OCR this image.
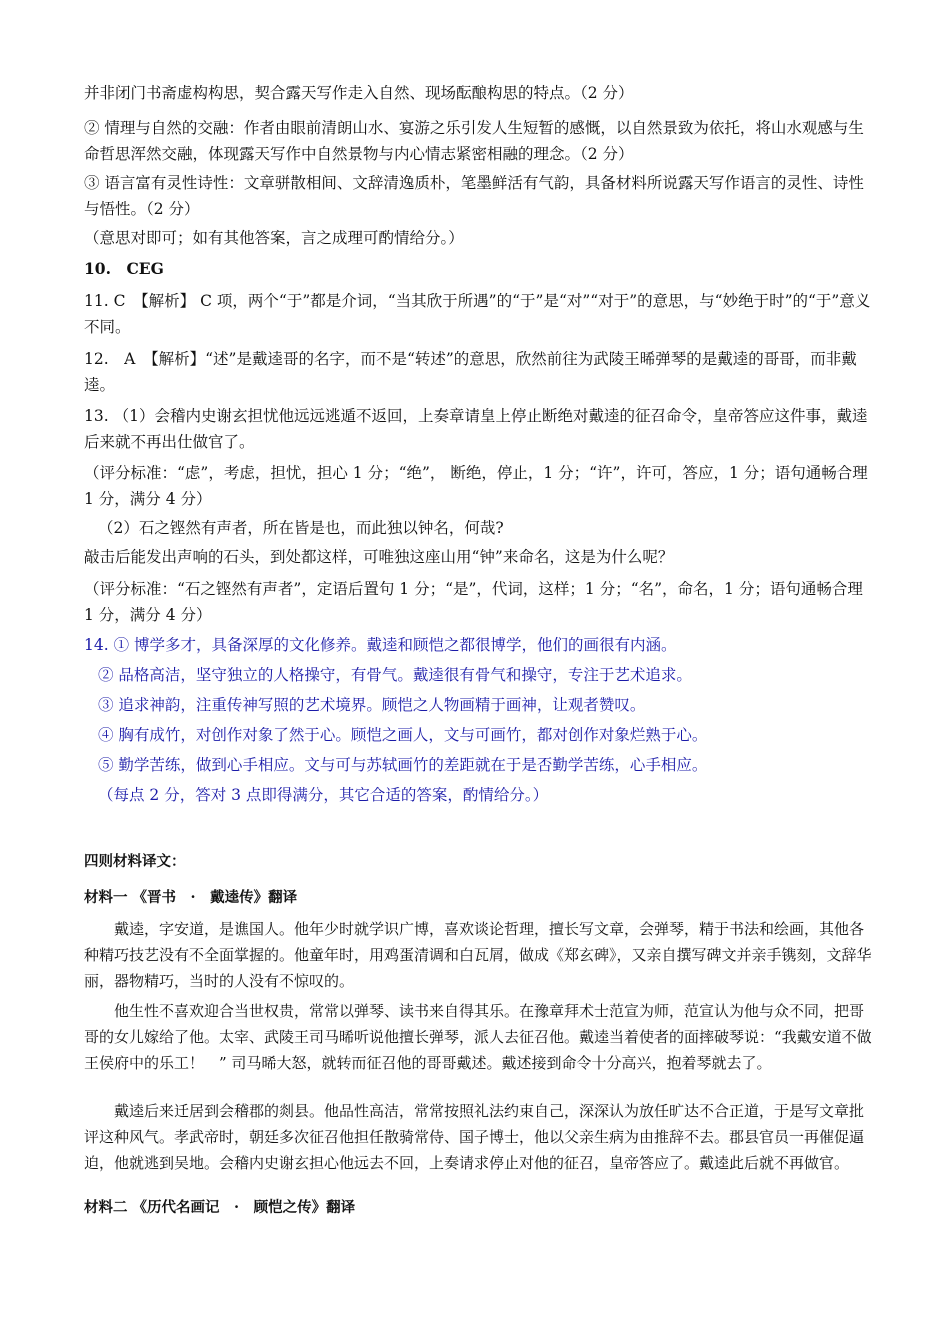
并非闭门书斋虚构构思，契合露天写作走入自然、现场酝酿构思的特点。（2 分）
② 情理与自然的交融：作者由眼前清朗山水、宴游之乐引发人生短暂的感慨，以自然景致为依托，将山水观感与生命哲思浑然交融，体现露天写作中自然景物与内心情志紧密相融的理念。（2 分）
③ 语言富有灵性诗性：文章骈散相间、文辞清逸质朴，笔墨鲜活有气韵，具备材料所说露天写作语言的灵性、诗性与悟性。（2 分）
（意思对即可；如有其他答案，言之成理可酌情给分。）
10.　CEG
11. C　【解析】 C 项，两个“于”都是介词，“当其欣于所遇”的“于”是“对”“对于”的意思，与“妙绝于时”的“于”意义不同。
12.　A　【解析】“述”是戴逵哥的名字，而不是“转述”的意思，欣然前往为武陵王晞弹琴的是戴逵的哥哥，而非戴逵。
13. （1）会稽内史谢玄担忧他远远逃遁不返回，上奏章请皇上停止断绝对戴逵的征召命令，皇帝答应这件事，戴逵后来就不再出仕做官了。
（评分标准：“虑”，考虑，担忧，担心 1 分；“绝”， 断绝，停止，1 分；“许”，许可，答应，1 分；语句通畅合理 1 分，满分 4 分）
（2）石之铿然有声者，所在皆是也，而此独以钟名，何哉?
敲击后能发出声响的石头，到处都这样，可唯独这座山用“钟”来命名，这是为什么呢？
（评分标准：“石之铿然有声者”，定语后置句 1 分；“是”，代词，这样；1 分；“名”，命名，1 分；语句通畅合理 1 分，满分 4 分）
14. ① 博学多才，具备深厚的文化修养。戴逵和顾恺之都很博学，他们的画很有内涵。
② 品格高洁，坚守独立的人格操守，有骨气。戴逵很有骨气和操守，专注于艺术追求。
③ 追求神韵，注重传神写照的艺术境界。顾恺之人物画精于画神，让观者赞叹。
④ 胸有成竹，对创作对象了然于心。顾恺之画人，文与可画竹，都对创作对象烂熟于心。
⑤ 勤学苦练，做到心手相应。文与可与苏轼画竹的差距就在于是否勤学苦练，心手相应。
（每点 2 分，答对 3 点即得满分，其它合适的答案，酌情给分。）
四则材料译文：
材料一 《晋书　·　戴逵传》翻译
戴逵，字安道，是谯国人。他年少时就学识广博，喜欢谈论哲理，擅长写文章，会弹琴，精于书法和绘画，其他各种精巧技艺没有不全面掌握的。他童年时，用鸡蛋清调和白瓦屑，做成《郑玄碑》，又亲自撰写碑文并亲手镌刻，文辞华丽，器物精巧，当时的人没有不惊叹的。
他生性不喜欢迎合当世权贵，常常以弹琴、读书来自得其乐。在豫章拜术士范宣为师，范宣认为他与众不同，把哥哥的女儿嫁给了他。太宰、武陵王司马晞听说他擅长弹琴，派人去征召他。戴逵当着使者的面摔破琴说：“我戴安道不做王侯府中的乐工！　” 司马晞大怒，就转而征召他的哥哥戴述。戴述接到命令十分高兴，抱着琴就去了。
戴逵后来迁居到会稽郡的剡县。他品性高洁，常常按照礼法约束自己，深深认为放任旷达不合正道，于是写文章批评这种风气。孝武帝时，朝廷多次征召他担任散骑常侍、国子博士，他以父亲生病为由推辞不去。郡县官员一再催促逼迫，他就逃到吴地。会稽内史谢玄担心他远去不回，上奏请求停止对他的征召，皇帝答应了。戴逵此后就不再做官。
材料二 《历代名画记　·　顾恺之传》翻译
